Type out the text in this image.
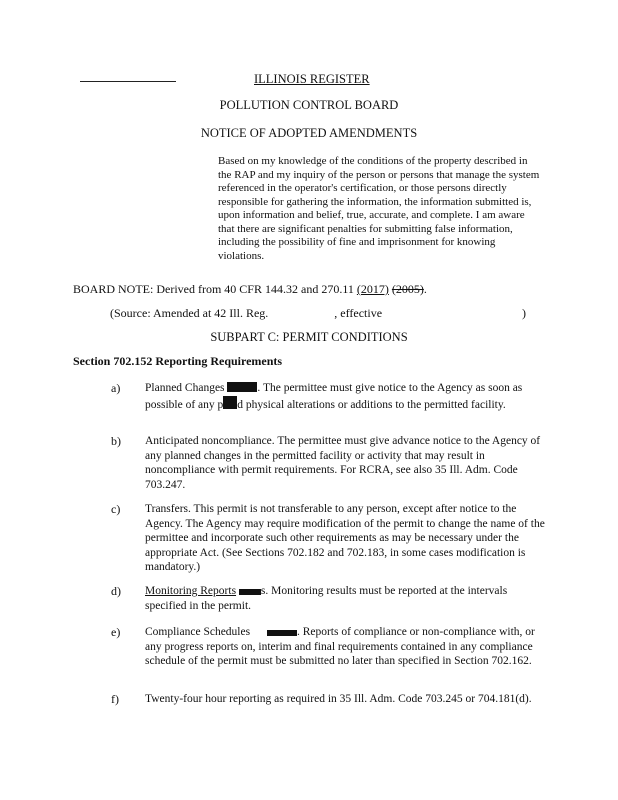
ILLINOIS REGISTER
POLLUTION CONTROL BOARD
NOTICE OF ADOPTED AMENDMENTS

Based on my knowledge of the conditions of the property described in the RAP and my inquiry of the person or persons that manage the system referenced in the operator's certification, or those persons directly responsible for gathering the information, the information submitted is, upon information and belief, true, accurate, and complete. I am aware that there are significant penalties for submitting false information, including the possibility of fine and imprisonment for knowing violations.

BOARD NOTE: Derived from 40 CFR 144.32 and 270.11 (2017) (2005).
(Source: Amended at 42 Ill. Reg.	, effective	)
SUBPART C: PERMIT CONDITIONS
Section 702.152 Reporting Requirements
a)	Planned Changes	. The permittee must give notice to the Agency as soon as possible of any p d physical alterations or additions to the permitted facility.
b)	Anticipated noncompliance. The permittee must give advance notice to the Agency of any planned changes in the permitted facility or activity that may result in noncompliance with permit requirements. For RCRA, see also 35 Ill. Adm. Code 703.247.
c)	Transfers. This permit is not transferable to any person, except after notice to the Agency. The Agency may require modification of the permit to change the name of the permittee and incorporate such other requirements as may be necessary under the appropriate Act. (See Sections 702.182 and 702.183, in some cases modification is mandatory.)
d)	Monitoring Reports s. Monitoring results must be reported at the intervals specified in the permit.
e)	Compliance Schedules	. Reports of compliance or non-compliance with, or any progress reports on, interim and final requirements contained in any compliance schedule of the permit must be submitted no later than specified in Section 702.162.
f)	Twenty-four hour reporting as required in 35 Ill. Adm. Code 703.245 or 704.181(d).
